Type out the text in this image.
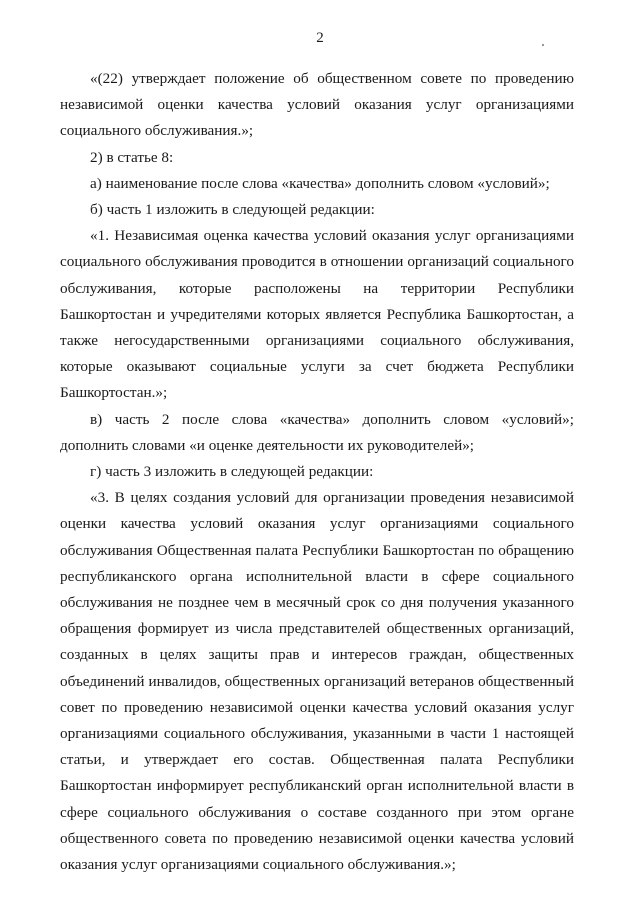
2

«(22) утверждает положение об общественном совете по проведению независимой оценки качества условий оказания услуг организациями социального обслуживания.»;

2) в статье 8:

а) наименование после слова «качества» дополнить словом «условий»;

б) часть 1 изложить в следующей редакции:

«1. Независимая оценка качества условий оказания услуг организациями социального обслуживания проводится в отношении организаций социального обслуживания, которые расположены на территории Республики Башкортостан и учредителями которых является Республика Башкортостан, а также негосударственными организациями социального обслуживания, которые оказывают социальные услуги за счет бюджета Республики Башкортостан.»;

в) часть 2 после слова «качества» дополнить словом «условий»; дополнить словами «и оценке деятельности их руководителей»;

г) часть 3 изложить в следующей редакции:

«3. В целях создания условий для организации проведения независимой оценки качества условий оказания услуг организациями социального обслуживания Общественная палата Республики Башкортостан по обращению республиканского органа исполнительной власти в сфере социального обслуживания не позднее чем в месячный срок со дня получения указанного обращения формирует из числа представителей общественных организаций, созданных в целях защиты прав и интересов граждан, общественных объединений инвалидов, общественных организаций ветеранов общественный совет по проведению независимой оценки качества условий оказания услуг организациями социального обслуживания, указанными в части 1 настоящей статьи, и утверждает его состав. Общественная палата Республики Башкортостан информирует республиканский орган исполнительной власти в сфере социального обслуживания о составе созданного при этом органе общественного совета по проведению независимой оценки качества условий оказания услуг организациями социального обслуживания.»;
